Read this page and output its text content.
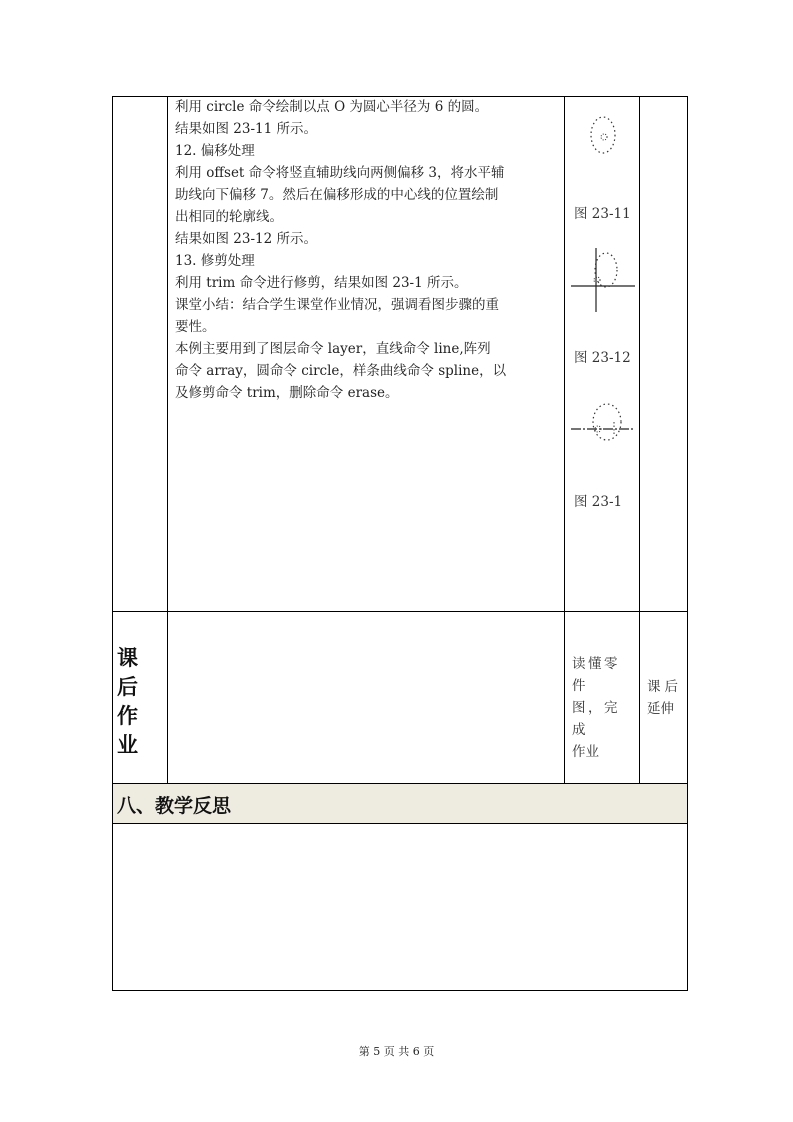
利用 circle 命令绘制以点 O 为圆心半径为 6 的圆。

结果如图 23-11 所示。

12. 偏移处理

利用 offset 命令将竖直辅助线向两侧偏移 3，将水平辅

助线向下偏移 7。然后在偏移形成的中心线的位置绘制

出相同的轮廓线。

结果如图 23-12 所示。

13. 修剪处理

利用 trim 命令进行修剪，结果如图 23-1 所示。

课堂小结：结合学生课堂作业情况，强调看图步骤的重

要性。

本例主要用到了图层命令 layer，直线命令 line,阵列

命令 array，圆命令 circle，样条曲线命令 spline，以

及修剪命令 trim，删除命令 erase。

图 23-11
图 23-12
图 23-1
课
后
作
业
读懂零件
图，完成
作业
课后
延伸
八、教学反思
第 5 页 共 6 页
